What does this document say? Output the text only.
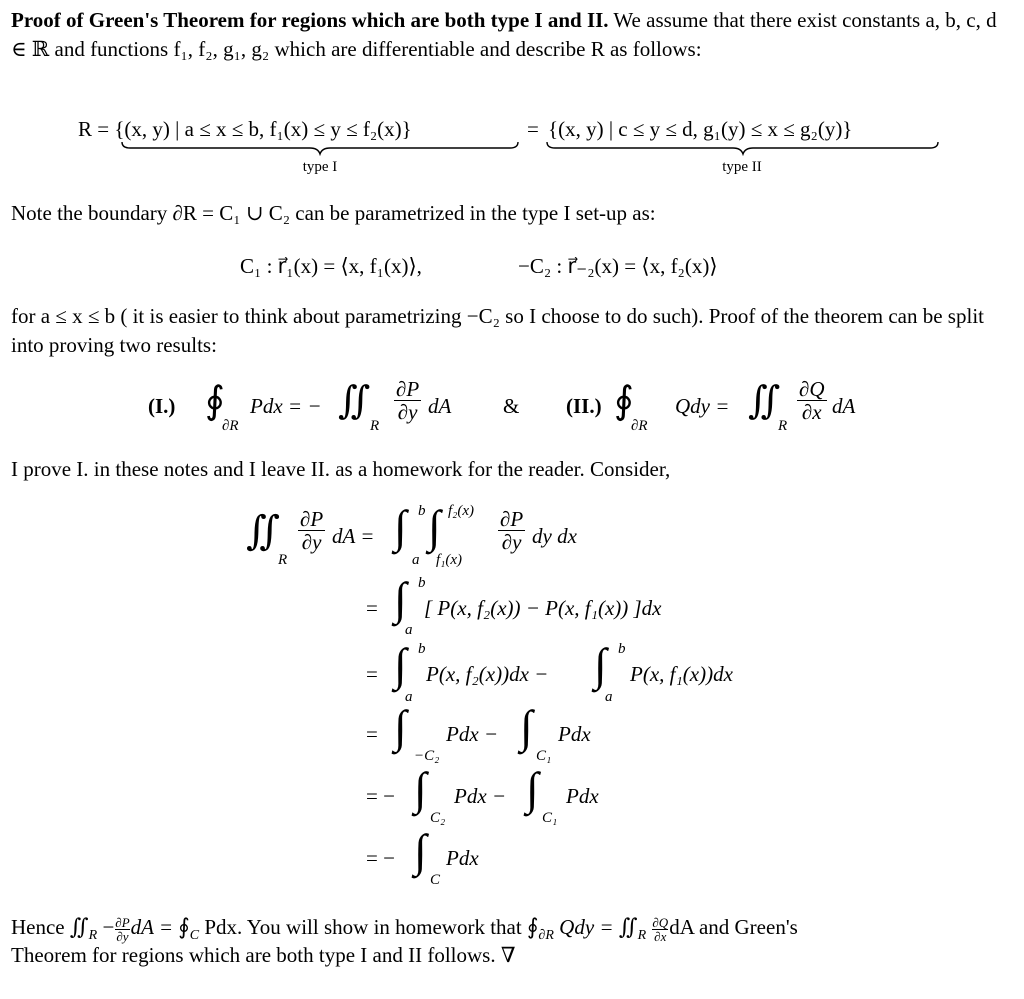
Proof of Green's Theorem for regions which are both type I and II. We assume that there exist constants a, b, c, d ∈ ℝ and functions f₁, f₂, g₁, g₂ which are differentiable and describe R as follows:
R = {(x, y) | a ≤ x ≤ b, f₁(x) ≤ y ≤ f₂(x)}	= {(x, y) | c ≤ y ≤ d, g₁(y) ≤ x ≤ g₂(y)}
type I	type II
Note the boundary ∂R = C₁ ∪ C₂ can be parametrized in the type I set-up as:
C₁ : r⃗₁(x) = ⟨x, f₁(x)⟩,	−C₂ : r⃗₋₂(x) = ⟨x, f₂(x)⟩
for a ≤ x ≤ b ( it is easier to think about parametrizing −C₂ so I choose to do such). Proof of the theorem can be split into proving two results:
(I.) ∮
∂R
Pdx = − ∬
R
$\frac{\partial P}{\partial y}$ dA & (II.) ∮
∂R
Qdy = ∬
R
$\frac{\partial Q}{\partial x}$ dA
I prove I. in these notes and I leave II. as a homework for the reader. Consider,
∬
R
$\frac{\partial P}{\partial y}$ dA = ∫ b
a
∫ f₂(x)
f₁(x)
$\frac{\partial P}{\partial y}$ dy dx
= ∫ b
a
[ P(x, f₂(x)) − P(x, f₁(x)) ]dx
= ∫ b
a
P(x, f₂(x))dx − ∫ b
a
P(x, f₁(x))dx
= ∫
−C₂
Pdx − ∫
C₁
Pdx
= − ∫
C₂
Pdx − ∫
C₁
Pdx
= − ∫
C
Pdx
Hence $∬_R - \frac{\partial P}{\partial y}dA$ = $∮_C$ Pdx. You will show in homework that $∮_{\partial R}$ Qdy = $∬_R \frac{\partial Q}{\partial x}dA$ and Green's
Theorem for regions which are both type I and II follows. ∇
